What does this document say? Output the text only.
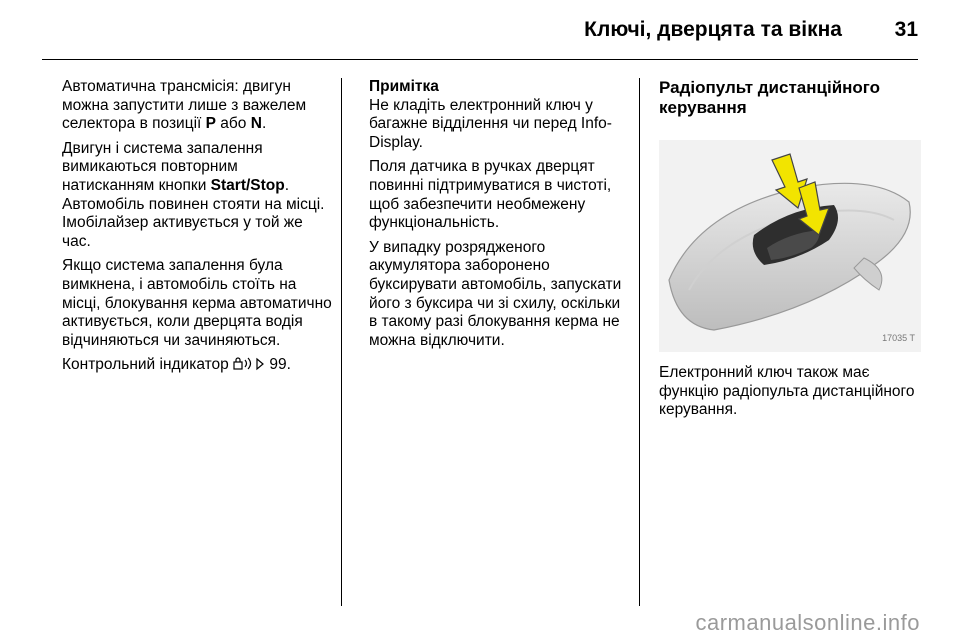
Ключі, дверцята та вікна	31

Автоматична трансмісія: двигун можна запустити лише з важелем селектора в позиції P або N.

Двигун і система запалення вимикаються повторним натисканням кнопки Start/Stop.
Автомобіль повинен стояти на місці. Імобілайзер активується у той же час.

Якщо система запалення була вимкнена, і автомобіль стоїть на місці, блокування керма автоматично активується, коли дверцята водія відчиняються чи зачиняються.

Контрольний індикатор  99.

Примітка
Не кладіть електронний ключ у багажне відділення чи перед Info-Display.

Поля датчика в ручках дверцят повинні підтримуватися в чистоті, щоб забезпечити необмежену функціональність.

У випадку розрядженого акумулятора заборонено буксирувати автомобіль, запускати його з буксира чи зі схилу, оскільки в такому разі блокування керма не можна відключити.

Радіопульт дистанційного керування

17035 T

Електронний ключ також має функцію радіопульта дистанційного керування.

carmanualsonline.info
